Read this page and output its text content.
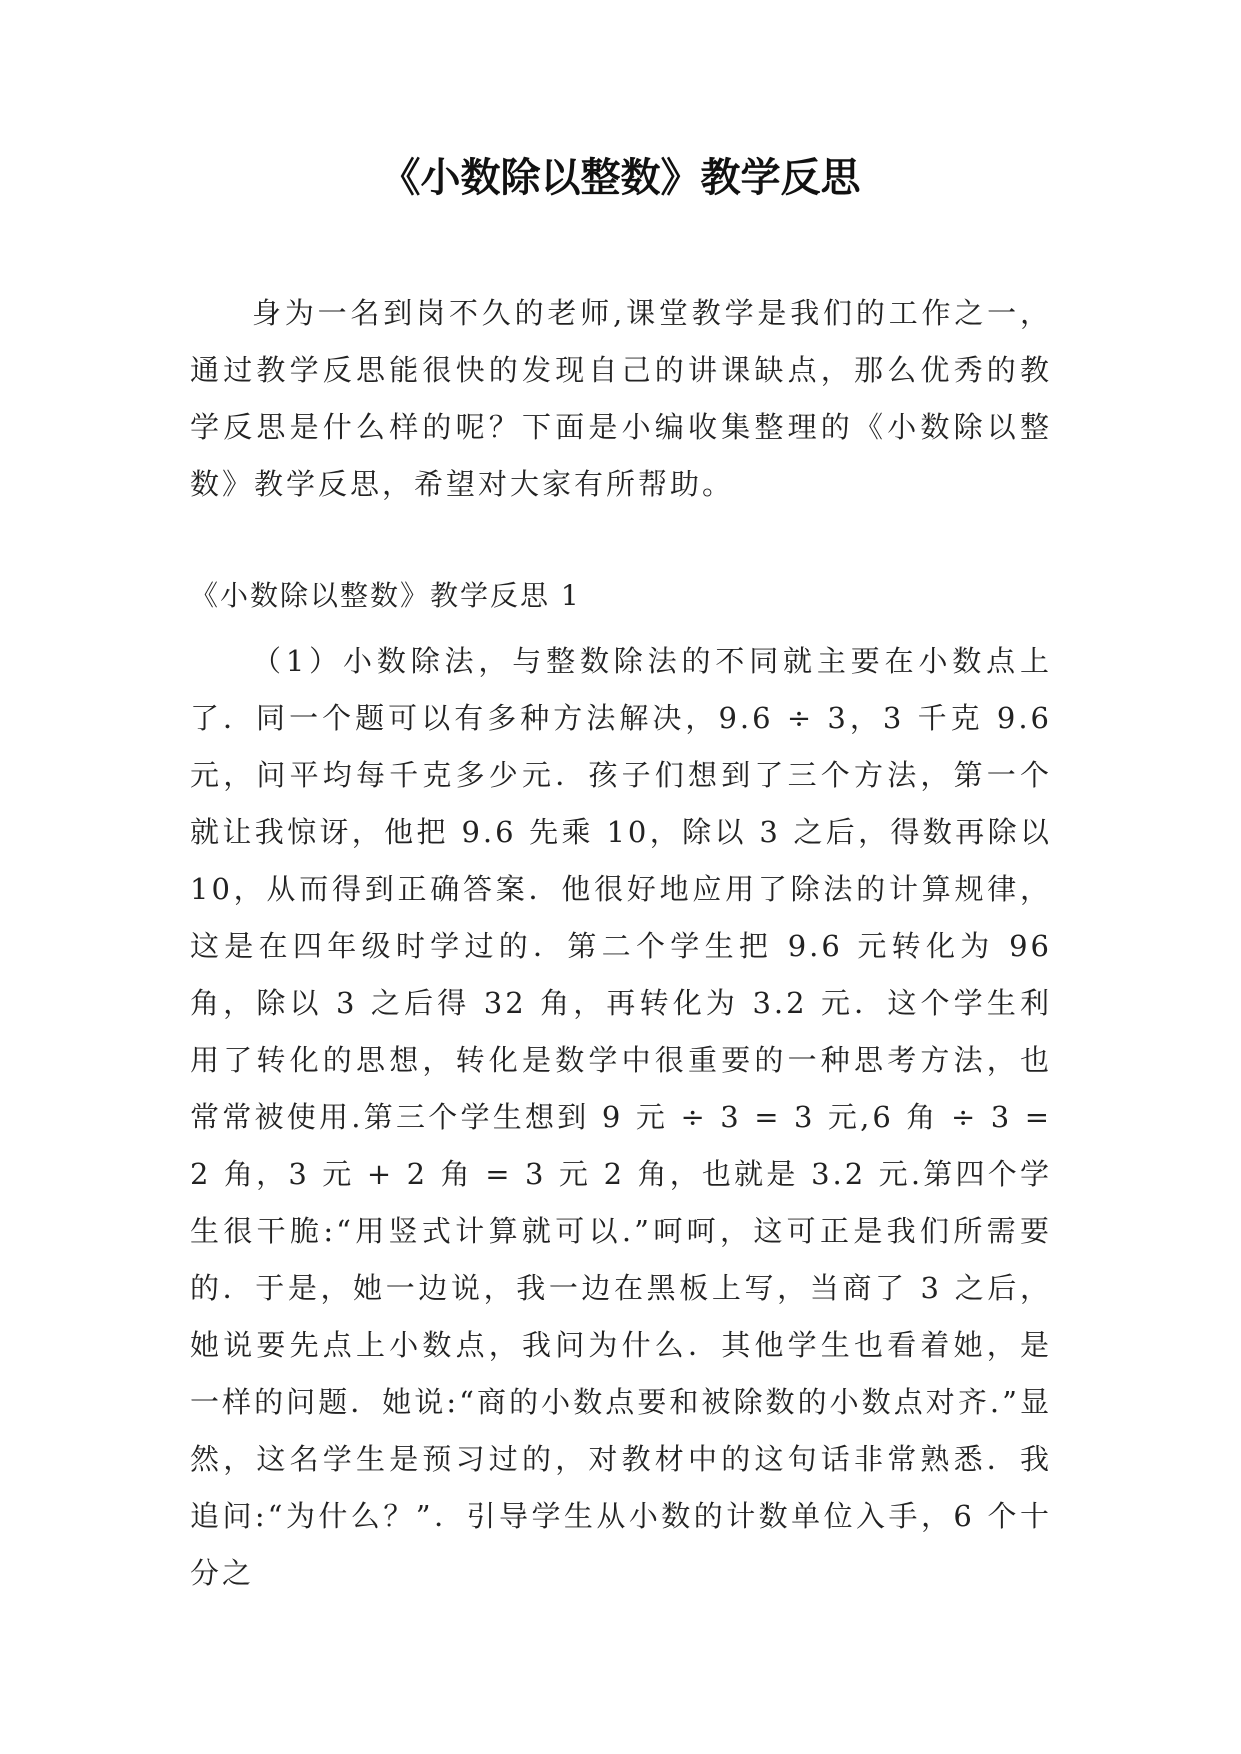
《小数除以整数》教学反思

身为一名到岗不久的老师,课堂教学是我们的工作之一，通过教学反思能很快的发现自己的讲课缺点，那么优秀的教学反思是什么样的呢？下面是小编收集整理的《小数除以整数》教学反思，希望对大家有所帮助。

《小数除以整数》教学反思 1

（1）小数除法，与整数除法的不同就主要在小数点上了．同一个题可以有多种方法解决，9.6 ÷ 3，3 千克 9.6 元，问平均每千克多少元．孩子们想到了三个方法，第一个就让我惊讶，他把 9.6 先乘 10，除以 3 之后，得数再除以 10，从而得到正确答案．他很好地应用了除法的计算规律，这是在四年级时学过的．第二个学生把 9.6 元转化为 96 角，除以 3 之后得 32 角，再转化为 3.2 元．这个学生利用了转化的思想，转化是数学中很重要的一种思考方法，也常常被使用.第三个学生想到 9 元 ÷ 3 = 3 元,6 角 ÷ 3 = 2 角，3 元 + 2 角 = 3 元 2 角，也就是 3.2 元.第四个学生很干脆:“用竖式计算就可以.”呵呵，这可正是我们所需要的．于是，她一边说，我一边在黑板上写，当商了 3 之后，她说要先点上小数点，我问为什么．其他学生也看着她，是一样的问题．她说:“商的小数点要和被除数的小数点对齐.”显然，这名学生是预习过的，对教材中的这句话非常熟悉．我追问:“为什么？”．引导学生从小数的计数单位入手，6 个十分之
